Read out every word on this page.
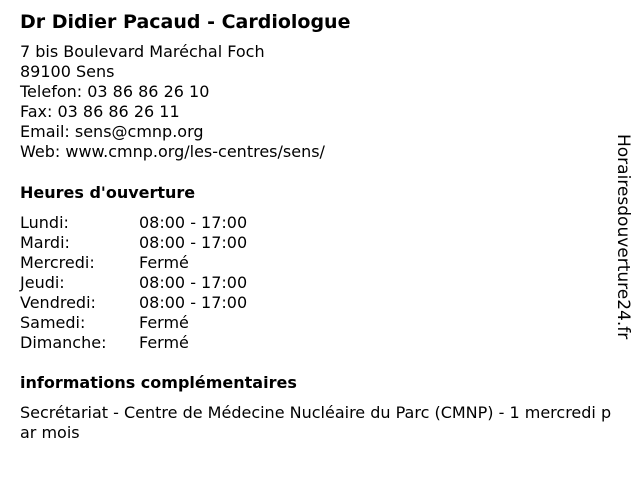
Dr Didier Pacaud - Cardiologue
7 bis Boulevard Maréchal Foch
89100 Sens
Telefon: 03 86 86 26 10
Fax: 03 86 86 26 11
Email: sens@cmnp.org
Web: www.cmnp.org/les-centres/sens/
Heures d'ouverture
Lundi:	08:00 - 17:00
Mardi:	08:00 - 17:00
Mercredi:	Fermé
Jeudi:	08:00 - 17:00
Vendredi:	08:00 - 17:00
Samedi:	Fermé
Dimanche:	Fermé
informations complémentaires
Secrétariat - Centre de Médecine Nucléaire du Parc (CMNP) - 1 mercredi par mois
Horairesdouverture24.fr
